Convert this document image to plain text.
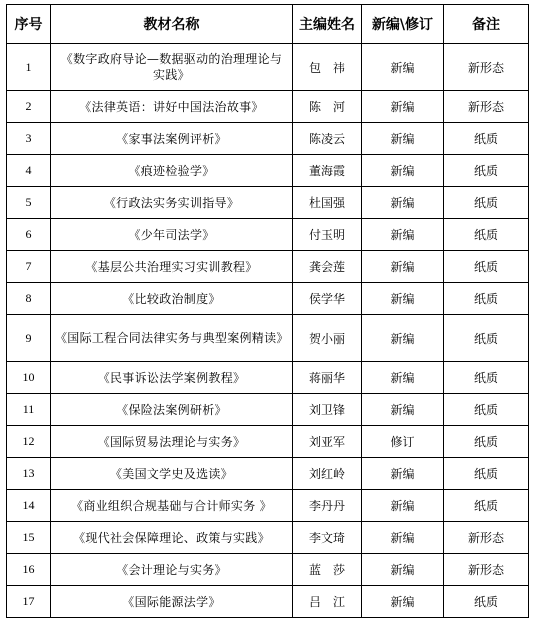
序号	教材名称	主编姓名	新编\修订	备注
1	《数字政府导论—数据驱动的治理理论与实践》	包　祎	新编	新形态
2	《法律英语：讲好中国法治故事》	陈　河	新编	新形态
3	《家事法案例评析》	陈凌云	新编	纸质
4	《痕迹检验学》	董海霞	新编	纸质
5	《行政法实务实训指导》	杜国强	新编	纸质
6	《少年司法学》	付玉明	新编	纸质
7	《基层公共治理实习实训教程》	龚会莲	新编	纸质
8	《比较政治制度》	侯学华	新编	纸质
9	《国际工程合同法律实务与典型案例精读》	贺小丽	新编	纸质
10	《民事诉讼法学案例教程》	蒋丽华	新编	纸质
11	《保险法案例研析》	刘卫锋	新编	纸质
12	《国际贸易法理论与实务》	刘亚军	修订	纸质
13	《美国文学史及选读》	刘红岭	新编	纸质
14	《商业组织合规基础与合计师实务 》	李丹丹	新编	纸质
15	《现代社会保障理论、政策与实践》	李文琦	新编	新形态
16	《会计理论与实务》	蓝　莎	新编	新形态
17	《国际能源法学》	吕　江	新编	纸质
